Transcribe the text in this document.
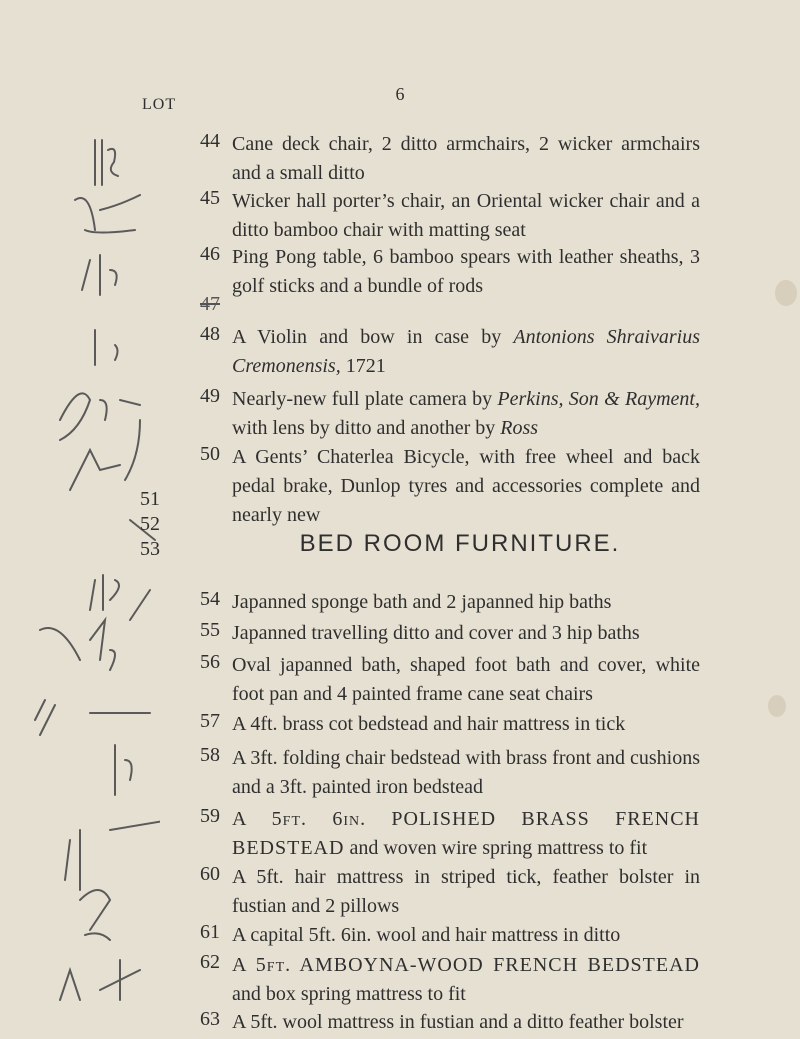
6
LOT
44 Cane deck chair, 2 ditto armchairs, 2 wicker armchairs and a small ditto
45 Wicker hall porter’s chair, an Oriental wicker chair and a ditto bamboo chair with matting seat
46 Ping Pong table, 6 bamboo spears with leather sheaths, 3 golf sticks and a bundle of rods
47
48 A Violin and bow in case by Antonions Shraivarius Cremonensis, 1721
49 Nearly-new full plate camera by Perkins, Son & Rayment, with lens by ditto and another by Ross
50 A Gents’ Chaterlea Bicycle, with free wheel and back pedal brake, Dunlop tyres and accessories complete and nearly new
51
52
53	BED ROOM FURNITURE.
54 Japanned sponge bath and 2 japanned hip baths
55 Japanned travelling ditto and cover and 3 hip baths
56 Oval japanned bath, shaped foot bath and cover, white foot pan and 4 painted frame cane seat chairs
57 A 4ft. brass cot bedstead and hair mattress in tick
58 A 3ft. folding chair bedstead with brass front and cushions and a 3ft. painted iron bedstead
59 A 5ft. 6in. POLISHED BRASS FRENCH BEDSTEAD and woven wire spring mattress to fit
60 A 5ft. hair mattress in striped tick, feather bolster in fustian and 2 pillows
61 A capital 5ft. 6in. wool and hair mattress in ditto
62 A 5ft. AMBOYNA-WOOD FRENCH BEDSTEAD and box spring mattress to fit
63 A 5ft. wool mattress in fustian and a ditto feather bolster
